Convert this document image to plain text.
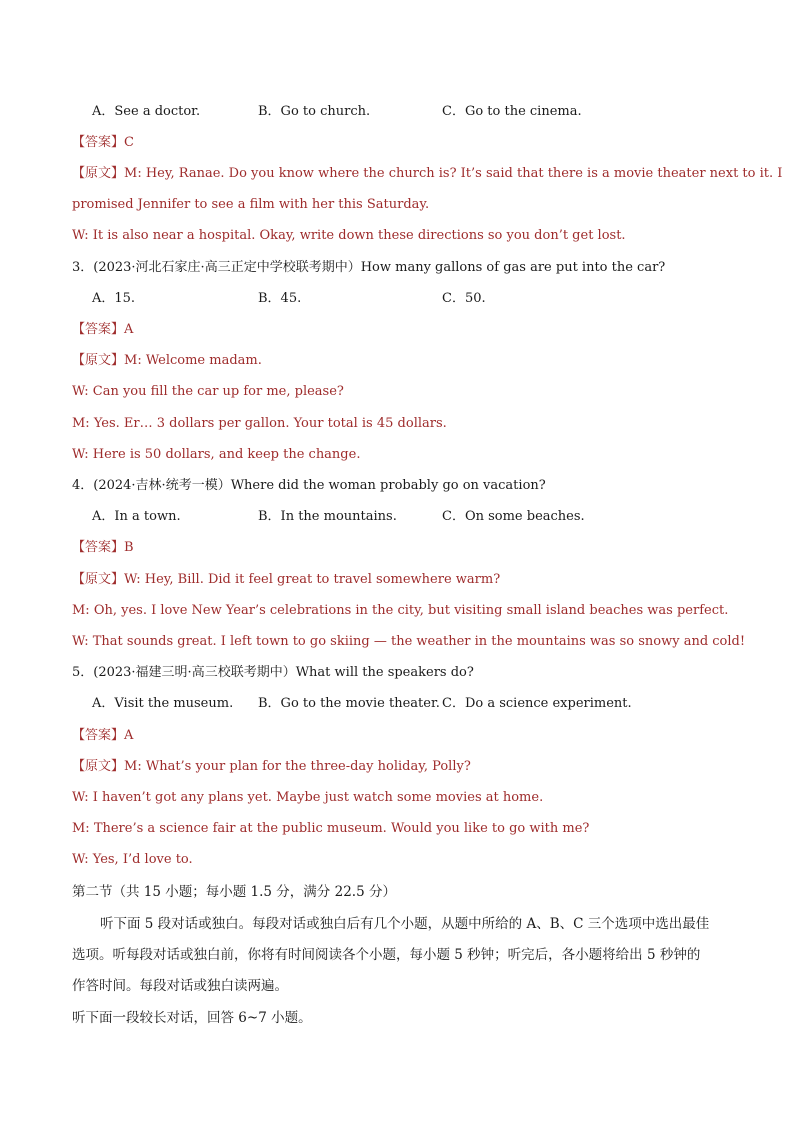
A．See a doctor.	B．Go to church.	C．Go to the cinema.
【答案】C
【原文】M: Hey, Ranae. Do you know where the church is? It’s said that there is a movie theater next to it. I
promised Jennifer to see a film with her this Saturday.
W: It is also near a hospital. Okay, write down these directions so you don’t get lost.
3．(2023·河北石家庄·高三正定中学校联考期中）How many gallons of gas are put into the car?
A．15.	B．45.	C．50.
【答案】A
【原文】M: Welcome madam.
W: Can you fill the car up for me, please?
M: Yes. Er… 3 dollars per gallon. Your total is 45 dollars.
W: Here is 50 dollars, and keep the change.
4．(2024·吉林·统考一模）Where did the woman probably go on vacation?
A．In a town.	B．In the mountains.	C．On some beaches.
【答案】B
【原文】W: Hey, Bill. Did it feel great to travel somewhere warm?
M: Oh, yes. I love New Year’s celebrations in the city, but visiting small island beaches was perfect.
W: That sounds great. I left town to go skiing — the weather in the mountains was so snowy and cold!
5．(2023·福建三明·高三校联考期中）What will the speakers do?
A．Visit the museum. B．Go to the movie theater. C．Do a science experiment.
【答案】A
【原文】M: What’s your plan for the three-day holiday, Polly?
W: I haven’t got any plans yet. Maybe just watch some movies at home.
M: There’s a science fair at the public museum. Would you like to go with me?
W: Yes, I’d love to.
第二节（共 15 小题；每小题 1.5 分，满分 22.5 分）
听下面 5 段对话或独白。每段对话或独白后有几个小题，从题中所给的 A、B、C 三个选项中选出最佳
选项。听每段对话或独白前，你将有时间阅读各个小题，每小题 5 秒钟；听完后，各小题将给出 5 秒钟的
作答时间。每段对话或独白读两遍。
听下面一段较长对话，回答 6~7 小题。
